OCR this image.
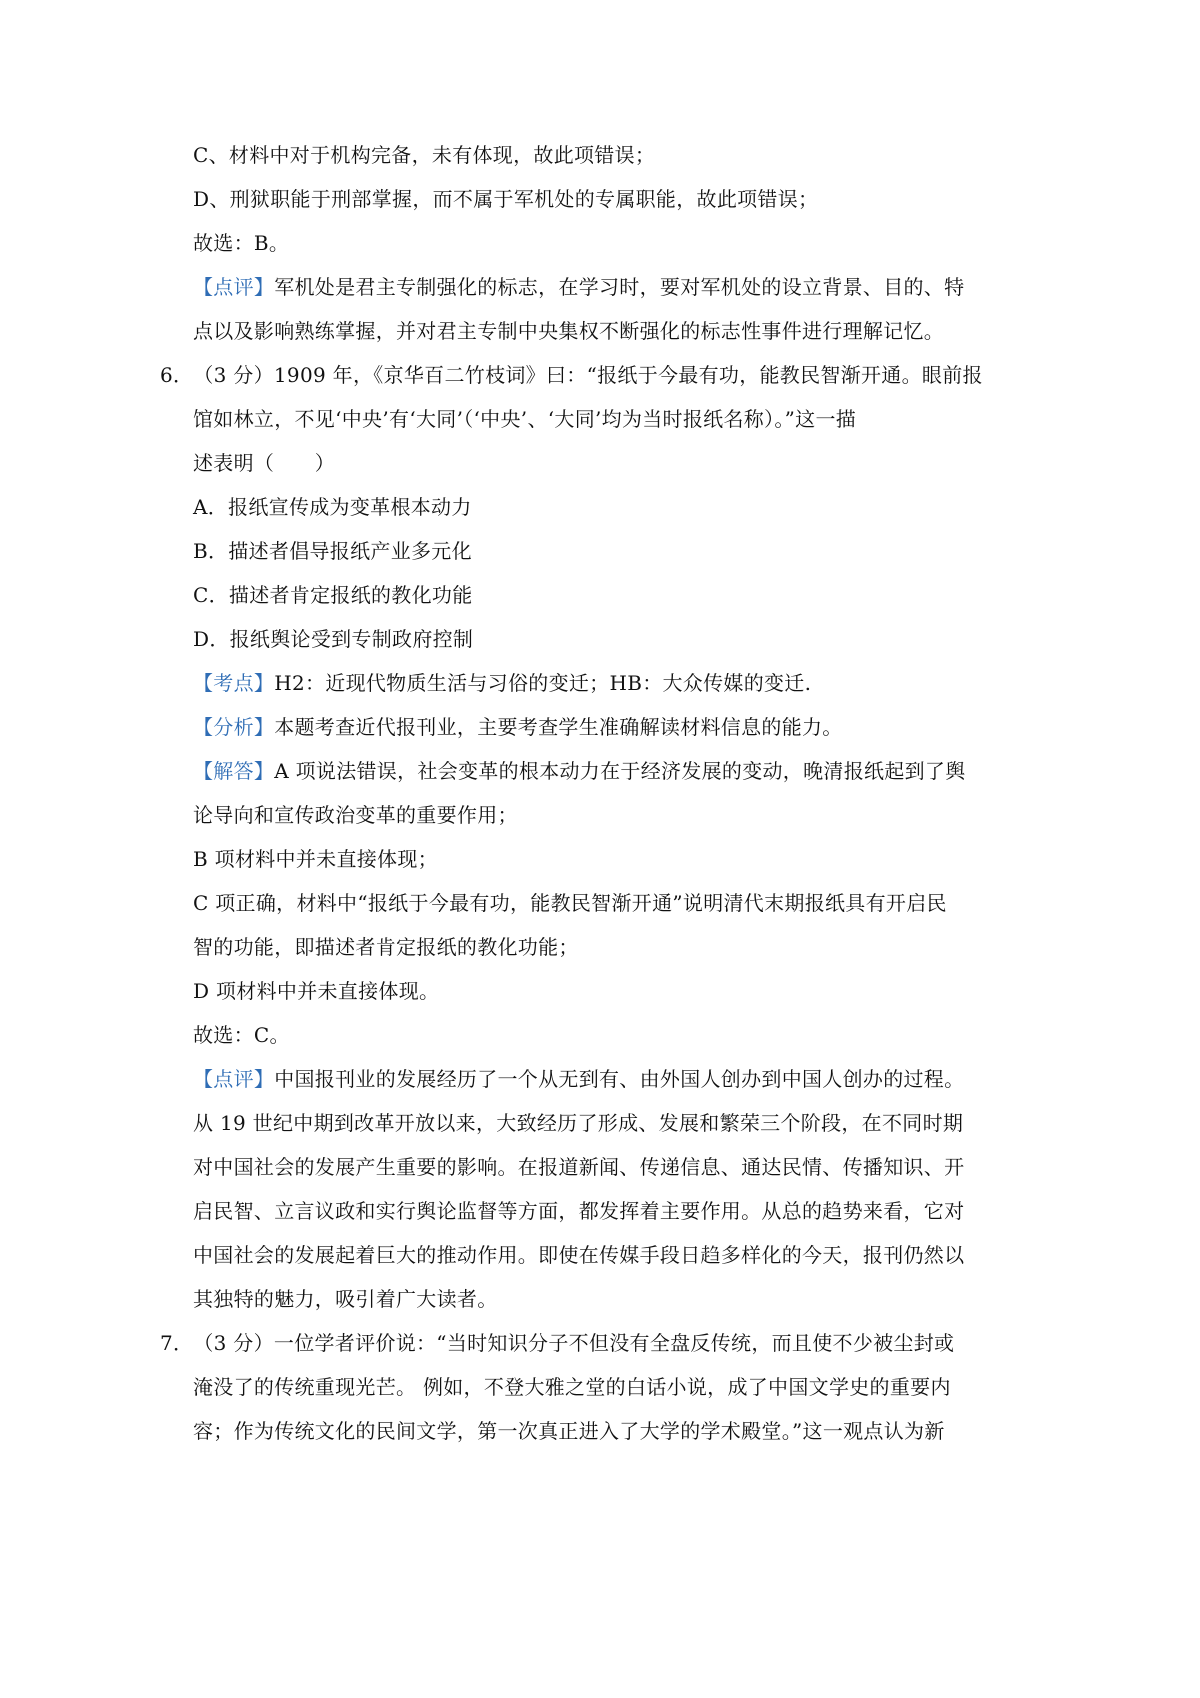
C、材料中对于机构完备，未有体现，故此项错误；
D、刑狱职能于刑部掌握，而不属于军机处的专属职能，故此项错误；
故选：B。
【点评】军机处是君主专制强化的标志，在学习时，要对军机处的设立背景、目的、特
点以及影响熟练掌握，并对君主专制中央集权不断强化的标志性事件进行理解记忆。
6．（3 分）1909 年，《京华百二竹枝词》曰：“报纸于今最有功，能教民智渐开通。眼前报
馆如林立，不见‘中央’有‘大同’（‘中央’、‘大同’均为当时报纸名称）。”这一描
述表明（　　）
A．报纸宣传成为变革根本动力
B．描述者倡导报纸产业多元化
C．描述者肯定报纸的教化功能
D．报纸舆论受到专制政府控制
【考点】H2：近现代物质生活与习俗的变迁；HB：大众传媒的变迁.
【分析】本题考查近代报刊业，主要考查学生准确解读材料信息的能力。
【解答】A 项说法错误，社会变革的根本动力在于经济发展的变动，晚清报纸起到了舆
论导向和宣传政治变革的重要作用；
B 项材料中并未直接体现；
C 项正确，材料中“报纸于今最有功，能教民智渐开通”说明清代末期报纸具有开启民
智的功能，即描述者肯定报纸的教化功能；
D 项材料中并未直接体现。
故选：C。
【点评】中国报刊业的发展经历了一个从无到有、由外国人创办到中国人创办的过程。
从 19 世纪中期到改革开放以来，大致经历了形成、发展和繁荣三个阶段，在不同时期
对中国社会的发展产生重要的影响。在报道新闻、传递信息、通达民情、传播知识、开
启民智、立言议政和实行舆论监督等方面，都发挥着主要作用。从总的趋势来看，它对
中国社会的发展起着巨大的推动作用。即使在传媒手段日趋多样化的今天，报刊仍然以
其独特的魅力，吸引着广大读者。
7．（3 分）一位学者评价说：“当时知识分子不但没有全盘反传统，而且使不少被尘封或
淹没了的传统重现光芒。 例如，不登大雅之堂的白话小说，成了中国文学史的重要内
容；作为传统文化的民间文学，第一次真正进入了大学的学术殿堂。”这一观点认为新
